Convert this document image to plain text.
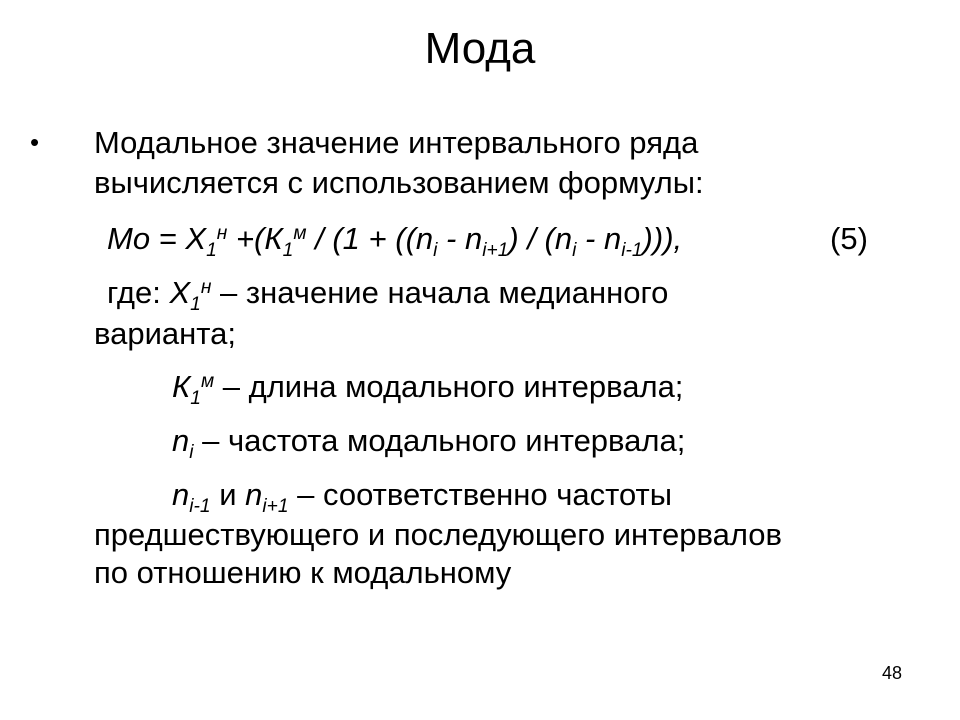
Мода
• Модальное значение интервального ряда
вычисляется с использованием формулы:
Мо = $Х_1^н +(К_1^м / (1 + ((n_i - n_{i+1}) / (n_i - n_{i-1})))$,	(5)
где: $Х_1^н$ – значение начала медианного
варианта;
$К_1^м$ – длина модального интервала;
$n_i$ – частота модального интервала;
$n_{i-1}$ и $n_{i+1}$ – соответственно частоты
предшествующего и последующего интервалов
по отношению к модальному
48
